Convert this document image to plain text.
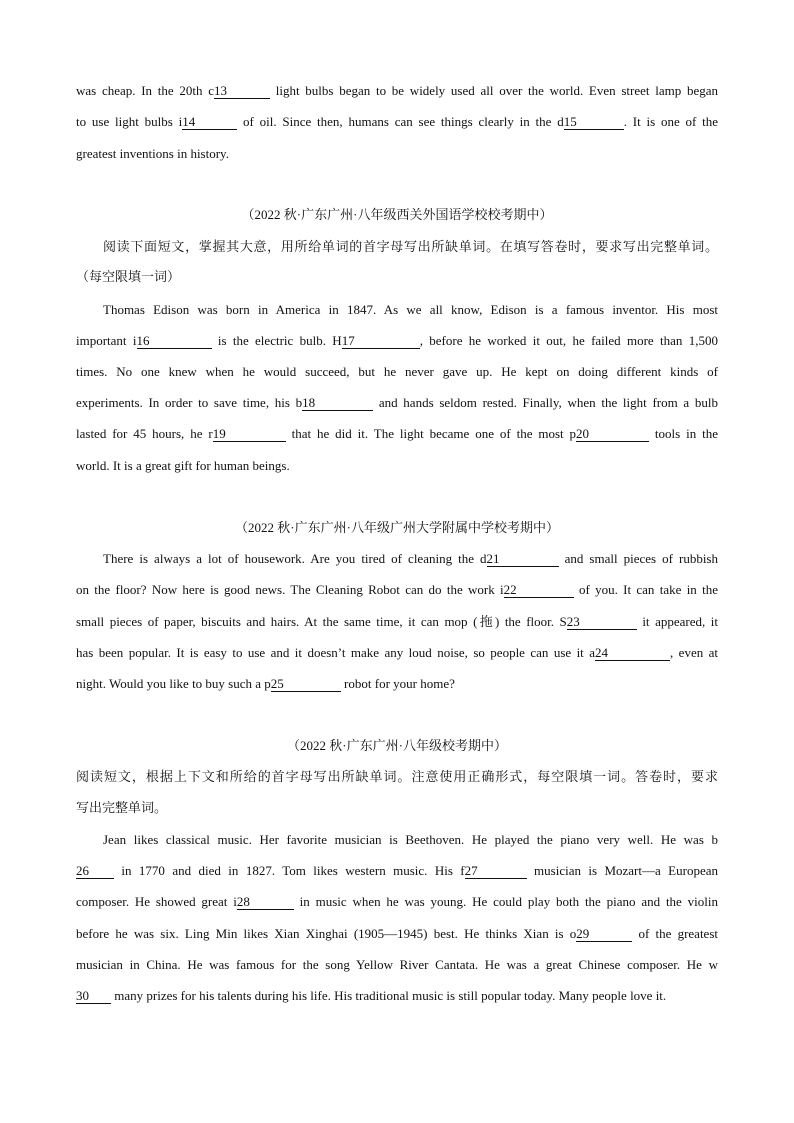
was cheap. In the 20th c13	light bulbs began to be widely used all over the world. Even street lamp began
to use light bulbs i14	of oil. Since then, humans can see things clearly in the d15	. It is one of the
greatest inventions in history.
（2022 秋·广东广州·八年级西关外国语学校校考期中）
阅读下面短文，掌握其大意，用所给单词的首字母写出所缺单词。在填写答卷时，要求写出完整单词。
（每空限填一词）
Thomas Edison was born in America in 1847. As we all know, Edison is a famous inventor. His most
important i16	is the electric bulb. H17	, before he worked it out, he failed more than 1,500
times. No one knew when he would succeed, but he never gave up. He kept on doing different kinds of
experiments. In order to save time, his b18	and hands seldom rested. Finally, when the light from a bulb
lasted for 45 hours, he r19	that he did it. The light became one of the most p20	tools in the
world. It is a great gift for human beings.
（2022 秋·广东广州·八年级广州大学附属中学校考期中）
There is always a lot of housework. Are you tired of cleaning the d21	and small pieces of rubbish
on the floor? Now here is good news. The Cleaning Robot can do the work i22	of you. It can take in the
small pieces of paper, biscuits and hairs. At the same time, it can mop (拖) the floor. S23	it appeared, it
has been popular. It is easy to use and it doesn’t make any loud noise, so people can use it a24	, even at
night. Would you like to buy such a p25	robot for your home?
（2022 秋·广东广州·八年级校考期中）
阅读短文，根据上下文和所给的首字母写出所缺单词。注意使用正确形式，每空限填一词。答卷时，要求
写出完整单词。
Jean likes classical music. Her favorite musician is Beethoven. He played the piano very well. He was b
26 in 1770 and died in 1827. Tom likes western music. His f27	musician is Mozart—a European
composer. He showed great i28	in music when he was young. He could play both the piano and the violin
before he was six. Ling Min likes Xian Xinghai (1905—1945) best. He thinks Xian is o29	of the greatest
musician in China. He was famous for the song Yellow River Cantata. He was a great Chinese composer. He w
30 many prizes for his talents during his life. His traditional music is still popular today. Many people love it.
